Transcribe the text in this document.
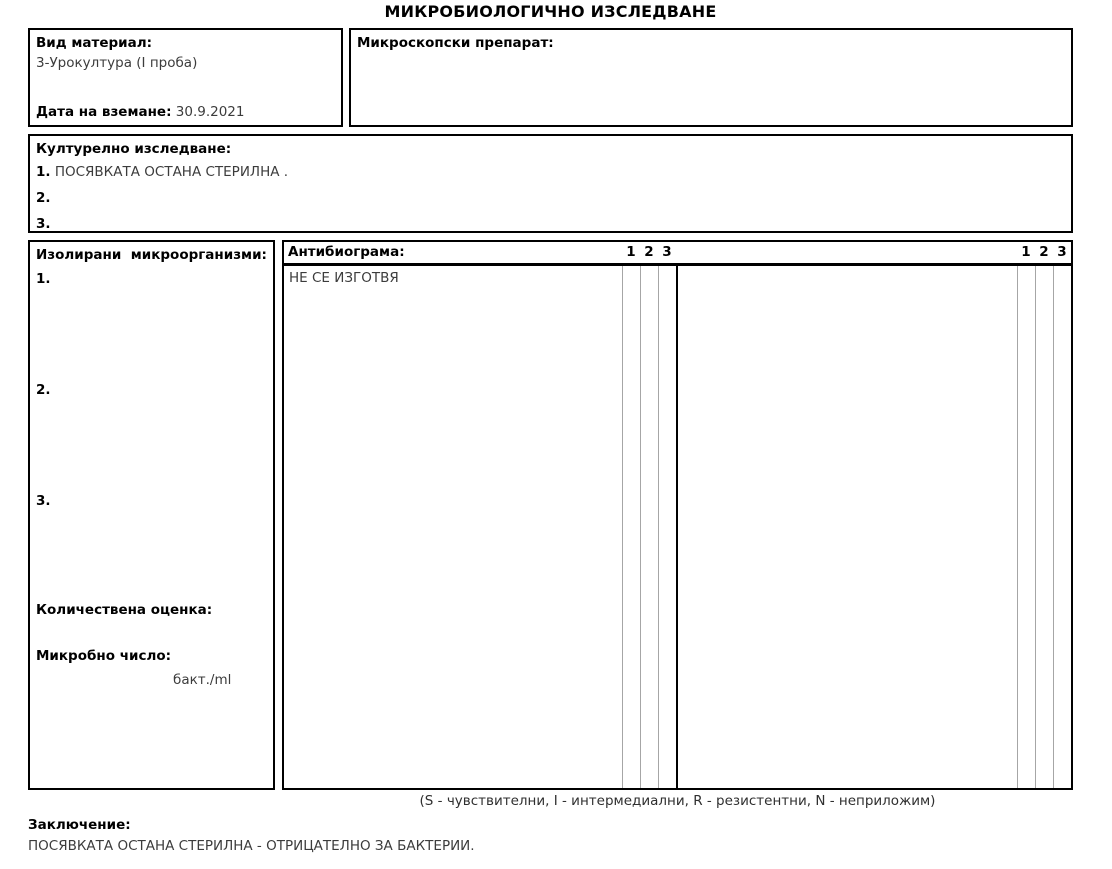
МИКРОБИОЛОГИЧНО ИЗСЛЕДВАНЕ
Вид материал:
3-Урокултура (I проба)
Дата на вземане: 30.9.2021
Микроскопски препарат:
Културелно изследване:
1. ПОСЯВКАТА ОСТАНА СТЕРИЛНА .
2.
3.
Изолирани  микроорганизми:
1.
2.
3.
Количествена оценка:
Микробно число:
бакт./ml
Антибиограма:	1 2 3	1 2 3
НЕ СЕ ИЗГОТВЯ
(S - чувствителни, I - интермедиални, R - резистентни, N - неприложим)
Заключение:
ПОСЯВКАТА ОСТАНА СТЕРИЛНА - ОТРИЦАТЕЛНО ЗА БАКТЕРИИ.
